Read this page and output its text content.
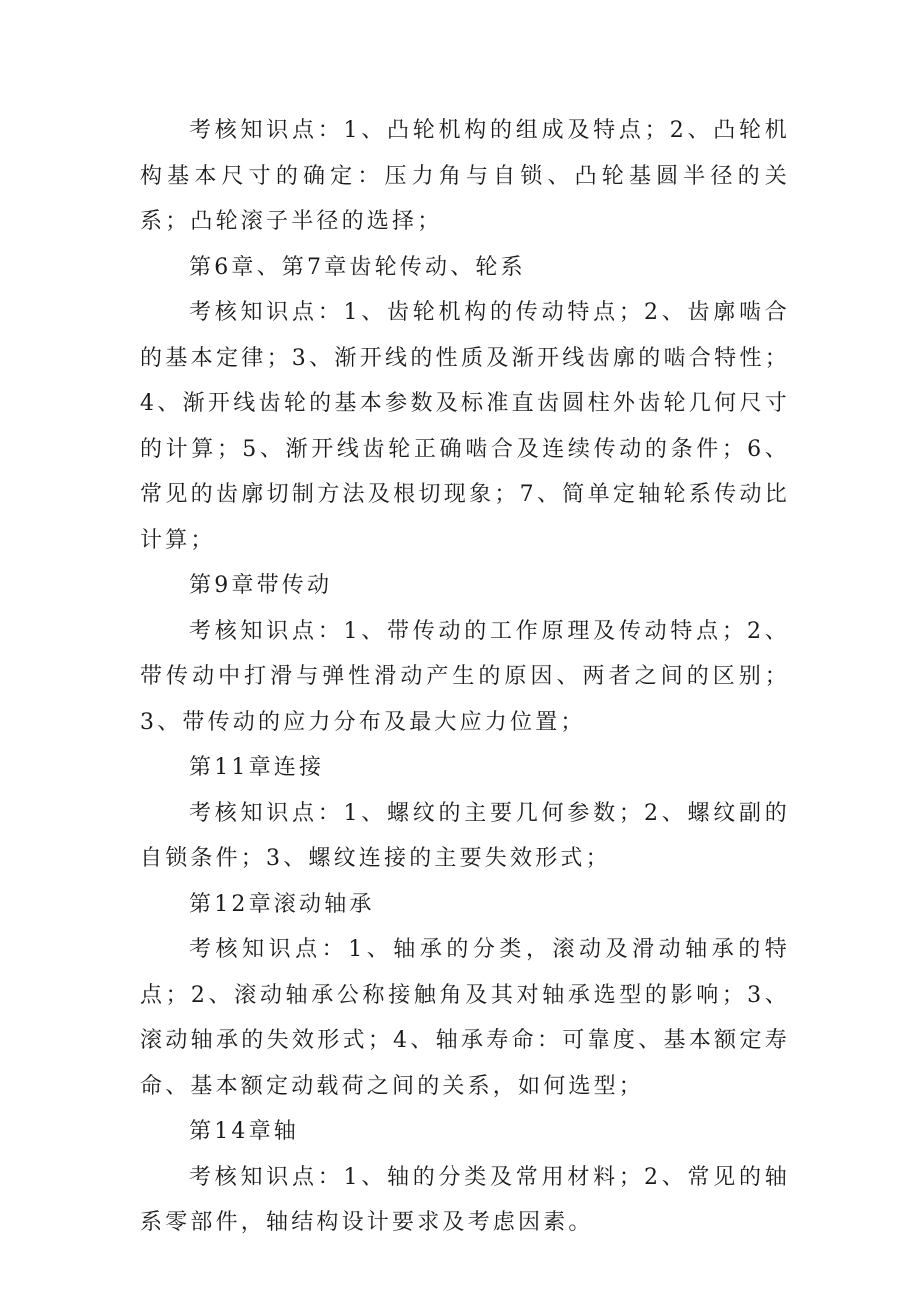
考核知识点：1、凸轮机构的组成及特点；2、凸轮机构基本尺寸的确定：压力角与自锁、凸轮基圆半径的关系；凸轮滚子半径的选择；

第6章、第7章齿轮传动、轮系

考核知识点：1、齿轮机构的传动特点；2、齿廓啮合的基本定律；3、渐开线的性质及渐开线齿廓的啮合特性；4、渐开线齿轮的基本参数及标准直齿圆柱外齿轮几何尺寸的计算；5、渐开线齿轮正确啮合及连续传动的条件；6、常见的齿廓切制方法及根切现象；7、简单定轴轮系传动比计算；

第9章带传动

考核知识点：1、带传动的工作原理及传动特点；2、带传动中打滑与弹性滑动产生的原因、两者之间的区别；3、带传动的应力分布及最大应力位置；

第11章连接

考核知识点：1、螺纹的主要几何参数；2、螺纹副的自锁条件；3、螺纹连接的主要失效形式；

第12章滚动轴承

考核知识点：1、轴承的分类，滚动及滑动轴承的特点；2、滚动轴承公称接触角及其对轴承选型的影响；3、滚动轴承的失效形式；4、轴承寿命：可靠度、基本额定寿命、基本额定动载荷之间的关系，如何选型；

第14章轴

考核知识点：1、轴的分类及常用材料；2、常见的轴系零部件，轴结构设计要求及考虑因素。
